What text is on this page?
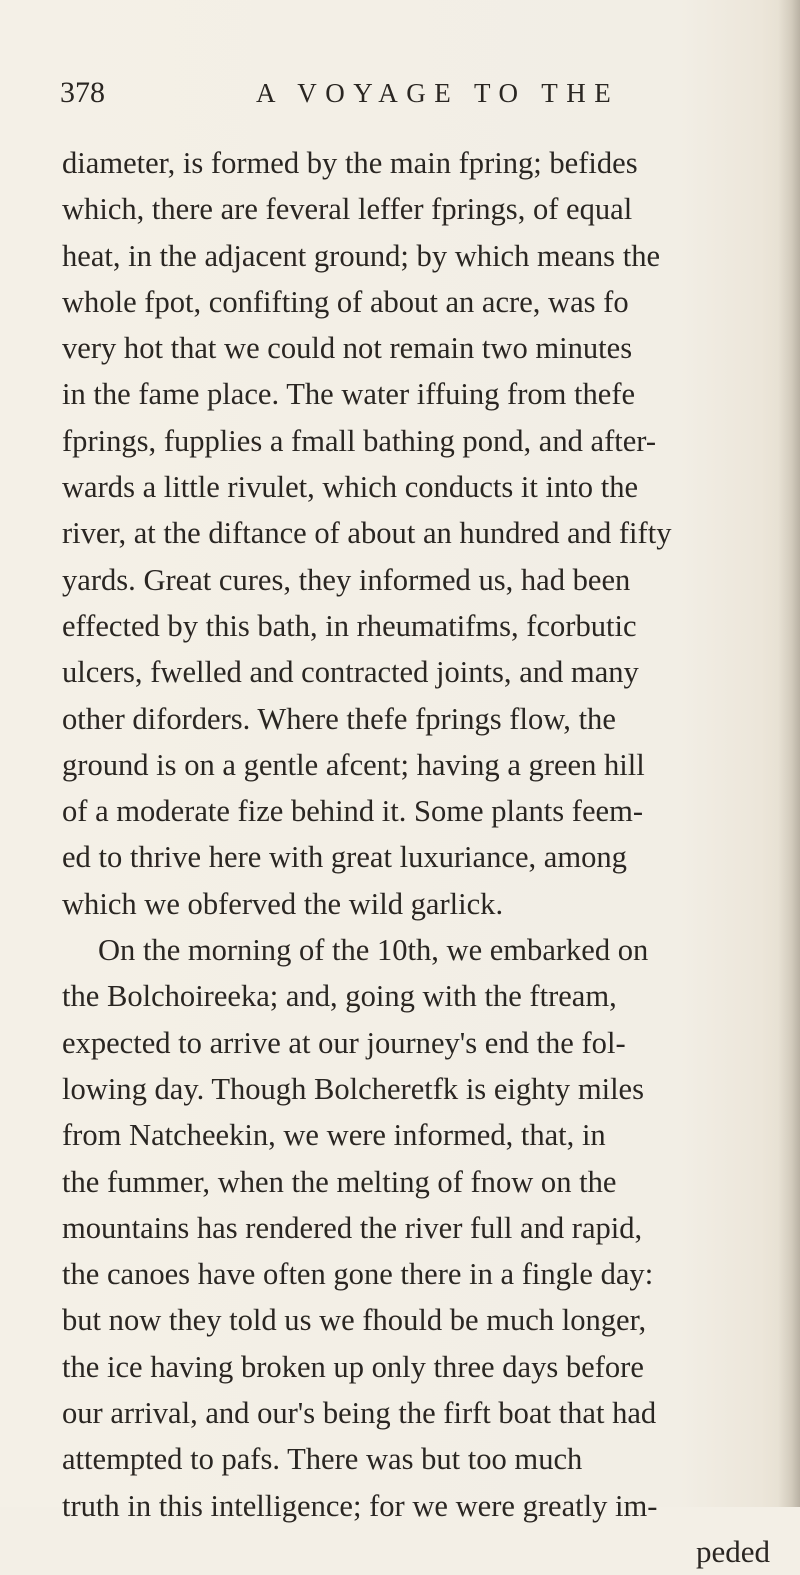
378	A VOYAGE TO THE
diameter, is formed by the main fpring; befides
which, there are feveral leffer fprings, of equal
heat, in the adjacent ground; by which means the
whole fpot, confifting of about an acre, was fo
very hot that we could not remain two minutes
in the fame place. The water iffuing from thefe
fprings, fupplies a fmall bathing pond, and after-
wards a little rivulet, which conducts it into the
river, at the diftance of about an hundred and fifty
yards. Great cures, they informed us, had been
effected by this bath, in rheumatifms, fcorbutic
ulcers, fwelled and contracted joints, and many
other diforders. Where thefe fprings flow, the
ground is on a gentle afcent; having a green hill
of a moderate fize behind it. Some plants feem-
ed to thrive here with great luxuriance, among
which we obferved the wild garlick.
On the morning of the 10th, we embarked on
the Bolchoireeka; and, going with the ftream,
expected to arrive at our journey's end the fol-
lowing day. Though Bolcheretfk is eighty miles
from Natcheekin, we were informed, that, in
the fummer, when the melting of fnow on the
mountains has rendered the river full and rapid,
the canoes have often gone there in a fingle day:
but now they told us we fhould be much longer,
the ice having broken up only three days before
our arrival, and our's being the firft boat that had
attempted to pafs. There was but too much
truth in this intelligence; for we were greatly im-
peded
